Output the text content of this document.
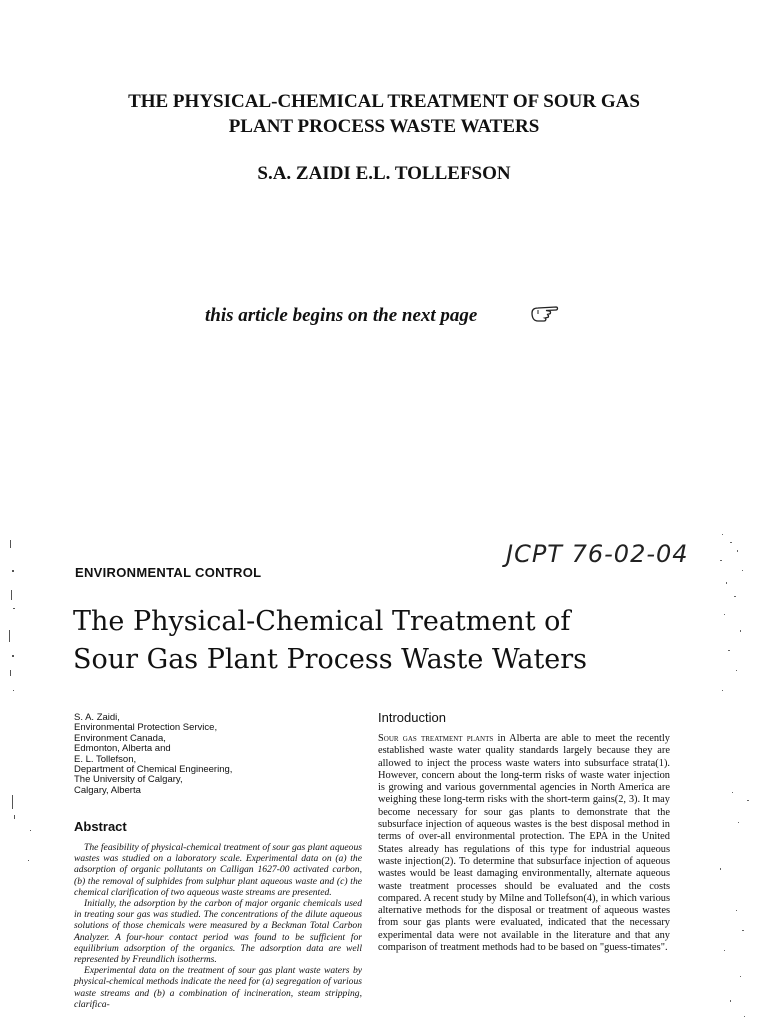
THE PHYSICAL-CHEMICAL TREATMENT OF SOUR GAS
PLANT PROCESS WASTE WATERS
S.A. ZAIDI E.L. TOLLEFSON
this article begins on the next page
JCPT 76-02-04
ENVIRONMENTAL CONTROL
The Physical-Chemical Treatment of
Sour Gas Plant Process Waste Waters
S. A. Zaidi,
Environmental Protection Service,
Environment Canada,
Edmonton, Alberta and
E. L. Tollefson,
Department of Chemical Engineering,
The University of Calgary,
Calgary, Alberta
Abstract

The feasibility of physical-chemical treatment of sour gas plant aqueous wastes was studied on a laboratory scale. Experimental data on (a) the adsorption of organic pollutants on Calligan 1627-00 activated carbon, (b) the removal of sulphides from sulphur plant aqueous waste and (c) the chemical clarification of two aqueous waste streams are presented.

Initially, the adsorption by the carbon of major organic chemicals used in treating sour gas was studied. The concentrations of the dilute aqueous solutions of those chemicals were measured by a Beckman Total Carbon Analyzer. A four-hour contact period was found to be sufficient for equilibrium adsorption of the organics. The adsorption data are well represented by Freundlich isotherms.

Experimental data on the treatment of sour gas plant waste waters by physical-chemical methods indicate the need for (a) segregation of various waste streams and (b) a combination of incineration, steam stripping, clarifica-

Introduction

Sour gas treatment plants in Alberta are able to meet the recently established waste water quality standards largely because they are allowed to inject the process waste waters into subsurface strata(1). However, concern about the long-term risks of waste water injection is growing and various governmental agencies in North America are weighing these long-term risks with the short-term gains(2, 3). It may become necessary for sour gas plants to demonstrate that the subsurface injection of aqueous wastes is the best disposal method in terms of over-all environmental protection. The EPA in the United States already has regulations of this type for industrial aqueous waste injection(2). To determine that subsurface injection of aqueous wastes would be least damaging environmentally, alternate aqueous waste treatment processes should be evaluated and the costs compared. A recent study by Milne and Tollefson(4), in which various alternative methods for the disposal or treatment of aqueous wastes from sour gas plants were evaluated, indicated that the necessary experimental data were not available in the literature and that any comparison of treatment methods had to be based on "guess-timates".
